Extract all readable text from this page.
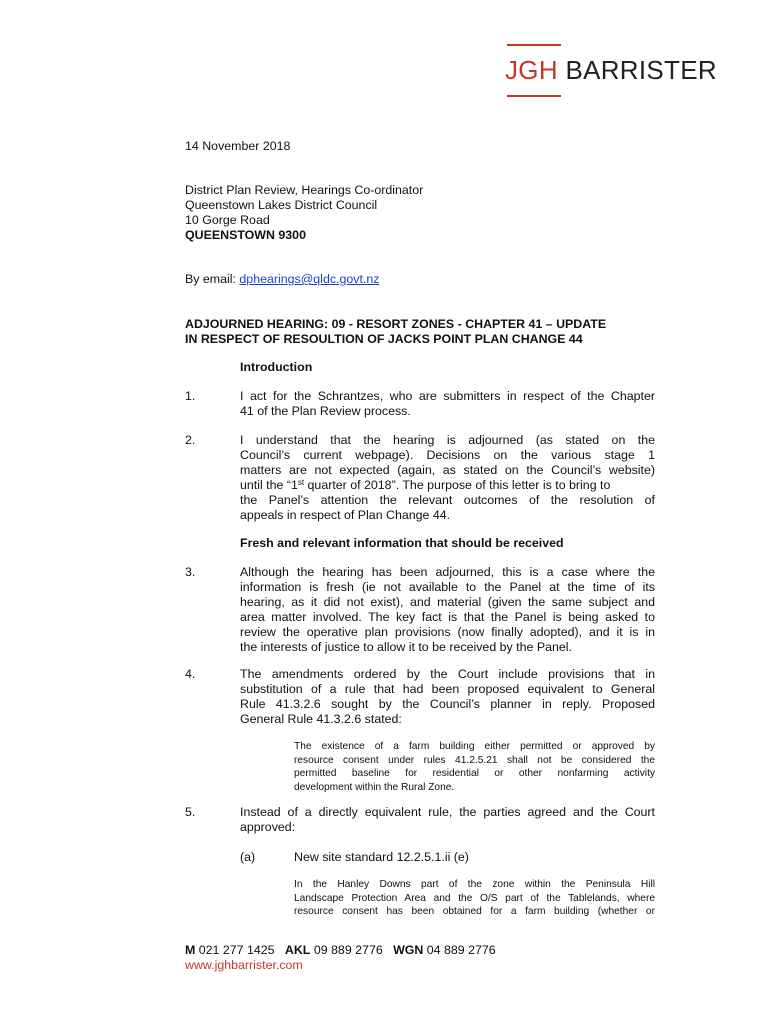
JGH BARRISTER
14 November 2018
District Plan Review, Hearings Co-ordinator
Queenstown Lakes District Council
10 Gorge Road
QUEENSTOWN 9300
By email: dphearings@qldc.govt.nz
ADJOURNED HEARING: 09 - RESORT ZONES - CHAPTER 41 – UPDATE
IN RESPECT OF RESOULTION OF JACKS POINT PLAN CHANGE 44
Introduction
1.	I act for the Schrantzes, who are submitters in respect of the Chapter
41 of the Plan Review process.
2.	I understand that the hearing is adjourned (as stated on the
Council’s current webpage). Decisions on the various stage 1
matters are not expected (again, as stated on the Council’s website)
until the “1st quarter of 2018”. The purpose of this letter is to bring to
the Panel’s attention the relevant outcomes of the resolution of
appeals in respect of Plan Change 44.
Fresh and relevant information that should be received
3.	Although the hearing has been adjourned, this is a case where the
information is fresh (ie not available to the Panel at the time of its
hearing, as it did not exist), and material (given the same subject and
area matter involved. The key fact is that the Panel is being asked to
review the operative plan provisions (now finally adopted), and it is in
the interests of justice to allow it to be received by the Panel.
4.	The amendments ordered by the Court include provisions that in
substitution of a rule that had been proposed equivalent to General
Rule 41.3.2.6 sought by the Council’s planner in reply. Proposed
General Rule 41.3.2.6 stated:
The existence of a farm building either permitted or approved by
resource consent under rules 41.2.5.21 shall not be considered the
permitted baseline for residential or other nonfarming activity
development within the Rural Zone.
5.	Instead of a directly equivalent rule, the parties agreed and the Court
approved:
(a)	New site standard 12.2.5.1.ii (e)
In the Hanley Downs part of the zone within the Peninsula Hill
Landscape Protection Area and the O/S part of the Tablelands, where
resource consent has been obtained for a farm building (whether or
M 021 277 1425 AKL 09 889 2776 WGN 04 889 2776
www.jghbarrister.com
